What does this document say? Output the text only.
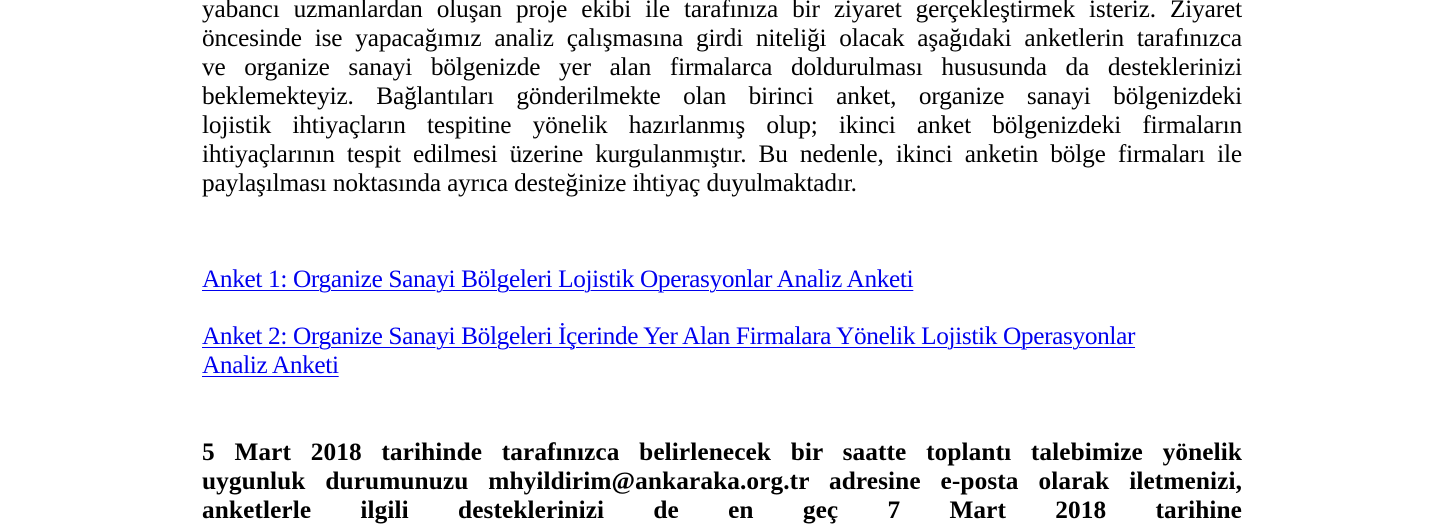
yabancı uzmanlardan oluşan proje ekibi ile tarafınıza bir ziyaret gerçekleştirmek isteriz. Ziyaret
öncesinde ise yapacağımız analiz çalışmasına girdi niteliği olacak aşağıdaki anketlerin tarafınızca
ve organize sanayi bölgenizde yer alan firmalarca doldurulması hususunda da desteklerinizi
beklemekteyiz. Bağlantıları gönderilmekte olan birinci anket, organize sanayi bölgenizdeki
lojistik ihtiyaçların tespitine yönelik hazırlanmış olup; ikinci anket bölgenizdeki firmaların
ihtiyaçlarının tespit edilmesi üzerine kurgulanmıştır. Bu nedenle, ikinci anketin bölge firmaları ile
paylaşılması noktasında ayrıca desteğinize ihtiyaç duyulmaktadır.

Anket 1: Organize Sanayi Bölgeleri Lojistik Operasyonlar Analiz Anketi
Anket 2: Organize Sanayi Bölgeleri İçerinde Yer Alan Firmalara Yönelik Lojistik Operasyonlar
Analiz Anketi

5 Mart 2018 tarihinde tarafınızca belirlenecek bir saatte toplantı talebimize yönelik
uygunluk durumunuzu mhyildirim@ankaraka.org.tr adresine e-posta olarak iletmenizi,
anketlerle ilgili desteklerinizi de en geç 7 Mart 2018 tarihine
